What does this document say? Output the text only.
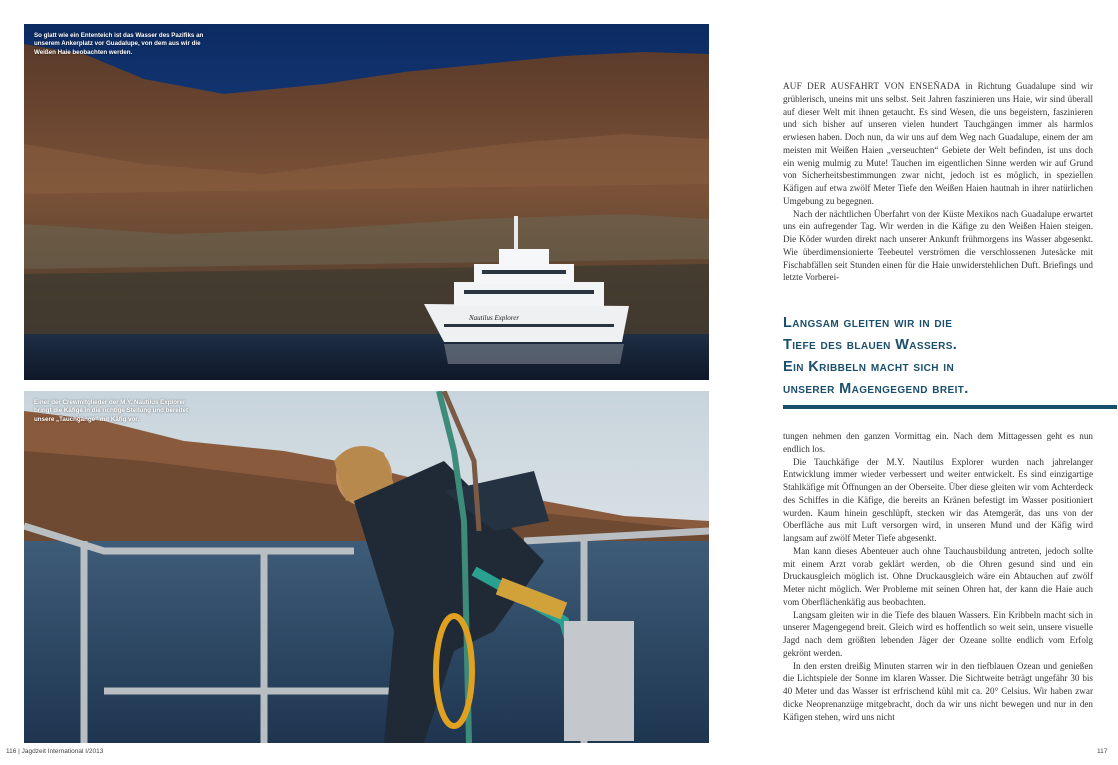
Nautilus Explorer
So glatt wie ein Ententeich ist das Wasser des Pazifiks an unserem Ankerplatz vor Guadalupe, von dem aus wir die Weißen Haie beobachten werden.
Einer der Crewmitglieder der M.Y. Nautilus Explorer bringt die Käfige in die richtige Stellung und bereitet unsere „Tauchgänge“ mit Käfig vor.

AUF DER AUSFAHRT VON ENSEÑADA in Richtung Guadalupe sind wir grüblerisch, uneins mit uns selbst. Seit Jahren faszinieren uns Haie, wir sind überall auf dieser Welt mit ihnen getaucht. Es sind Wesen, die uns begeistern, faszinieren und sich bisher auf unseren vielen hundert Tauchgängen immer als harmlos erwiesen haben. Doch nun, da wir uns auf dem Weg nach Guadalupe, einem der am meisten mit Weißen Haien „verseuchten“ Gebiete der Welt befinden, ist uns doch ein wenig mulmig zu Mute! Tauchen im eigentlichen Sinne werden wir auf Grund von Sicherheitsbestimmungen zwar nicht, jedoch ist es möglich, in speziellen Käfigen auf etwa zwölf Meter Tiefe den Weißen Haien hautnah in ihrer natürlichen Umgebung zu begegnen.

Nach der nächtlichen Überfahrt von der Küste Mexikos nach Guadalupe erwartet uns ein aufregender Tag. Wir werden in die Käfige zu den Weißen Haien steigen. Die Köder wurden direkt nach unserer Ankunft frühmorgens ins Wasser abgesenkt. Wie überdimensionierte Teebeutel verströmen die verschlossenen Jutesäcke mit Fischabfällen seit Stunden einen für die Haie unwiderstehlichen Duft. Briefings und letzte Vorberei-

Langsam gleiten wir in die
Tiefe des blauen Wassers.
Ein Kribbeln macht sich in
unserer Magengegend breit.

tungen nehmen den ganzen Vormittag ein. Nach dem Mittagessen geht es nun endlich los.

Die Tauchkäfige der M.Y. Nautilus Explorer wurden nach jahrelanger Entwicklung immer wieder verbessert und weiter entwickelt. Es sind einzigartige Stahlkäfige mit Öffnungen an der Oberseite. Über diese gleiten wir vom Achterdeck des Schiffes in die Käfige, die bereits an Kränen befestigt im Wasser positioniert wurden. Kaum hinein geschlüpft, stecken wir das Atemgerät, das uns von der Oberfläche aus mit Luft versorgen wird, in unseren Mund und der Käfig wird langsam auf zwölf Meter Tiefe abgesenkt.

Man kann dieses Abenteuer auch ohne Tauchausbildung antreten, jedoch sollte mit einem Arzt vorab geklärt werden, ob die Ohren gesund sind und ein Druckausgleich möglich ist. Ohne Druckausgleich wäre ein Abtauchen auf zwölf Meter nicht möglich. Wer Probleme mit seinen Ohren hat, der kann die Haie auch vom Oberflächenkäfig aus beobachten.

Langsam gleiten wir in die Tiefe des blauen Wassers. Ein Kribbeln macht sich in unserer Magengegend breit. Gleich wird es hoffentlich so weit sein, unsere visuelle Jagd nach dem größten lebenden Jäger der Ozeane sollte endlich vom Erfolg gekrönt werden.

In den ersten dreißig Minuten starren wir in den tiefblauen Ozean und genießen die Lichtspiele der Sonne im klaren Wasser. Die Sichtweite beträgt ungefähr 30 bis 40 Meter und das Wasser ist erfrischend kühl mit ca. 20° Celsius. Wir haben zwar dicke Neoprenanzüge mitgebracht, doch da wir uns nicht bewegen und nur in den Käfigen stehen, wird uns nicht

116 | Jagdzeit International I/2013	117
